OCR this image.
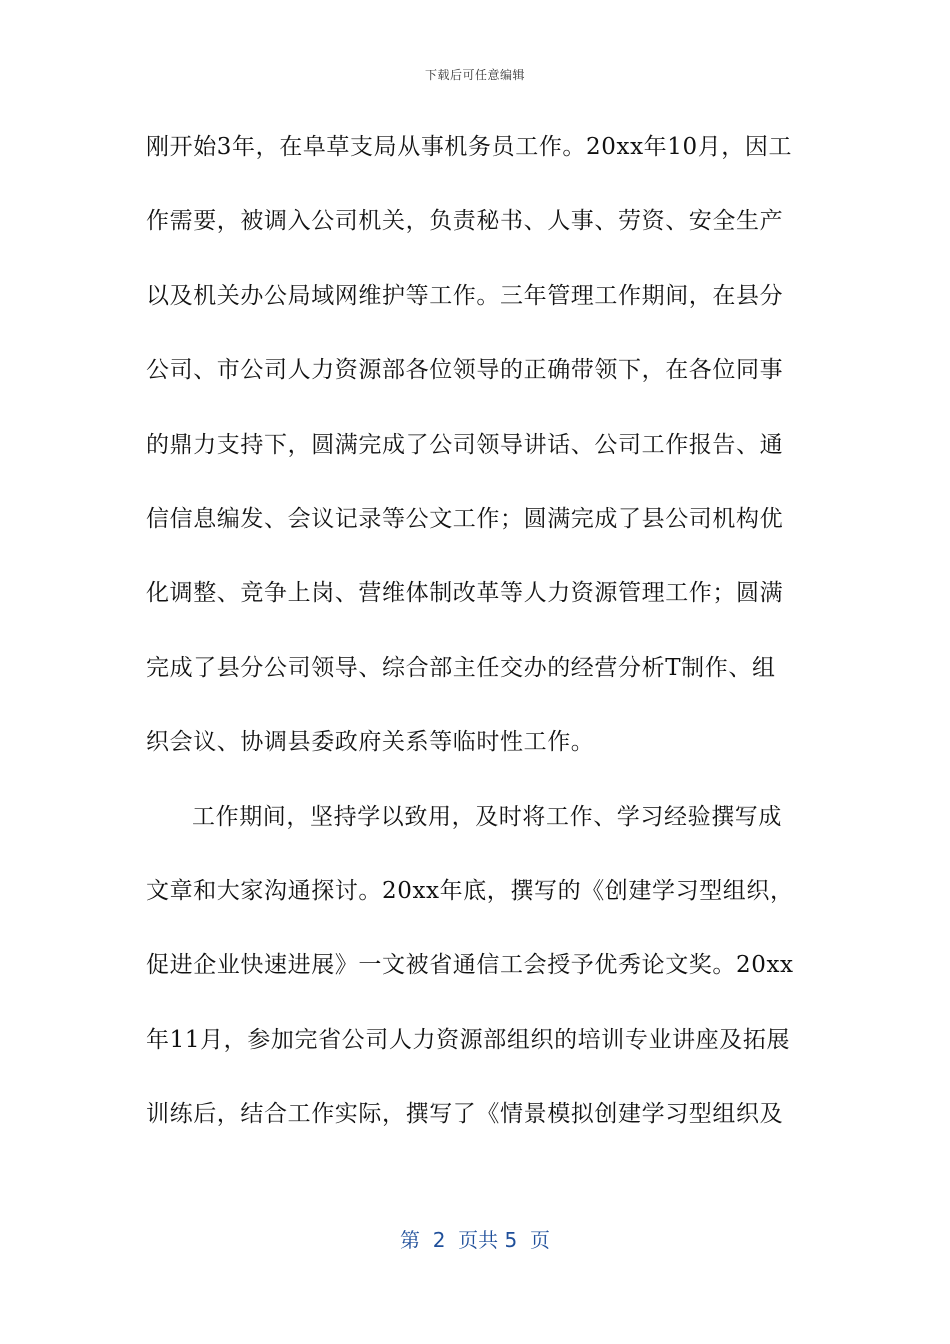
下载后可任意编辑
刚开始3年，在阜草支局从事机务员工作。20xx年10月，因工
作需要，被调入公司机关，负责秘书、人事、劳资、安全生产
以及机关办公局域网维护等工作。三年管理工作期间，在县分
公司、市公司人力资源部各位领导的正确带领下，在各位同事
的鼎力支持下，圆满完成了公司领导讲话、公司工作报告、通
信信息编发、会议记录等公文工作；圆满完成了县公司机构优
化调整、竞争上岗、营维体制改革等人力资源管理工作；圆满
完成了县分公司领导、综合部主任交办的经营分析T制作、组
织会议、协调县委政府关系等临时性工作。
工作期间，坚持学以致用，及时将工作、学习经验撰写成
文章和大家沟通探讨。20xx年底，撰写的《创建学习型组织，
促进企业快速进展》一文被省通信工会授予优秀论文奖。20xx
年11月，参加完省公司人力资源部组织的培训专业讲座及拓展
训练后，结合工作实际，撰写了《情景模拟创建学习型组织及
第  2  页共 5  页
